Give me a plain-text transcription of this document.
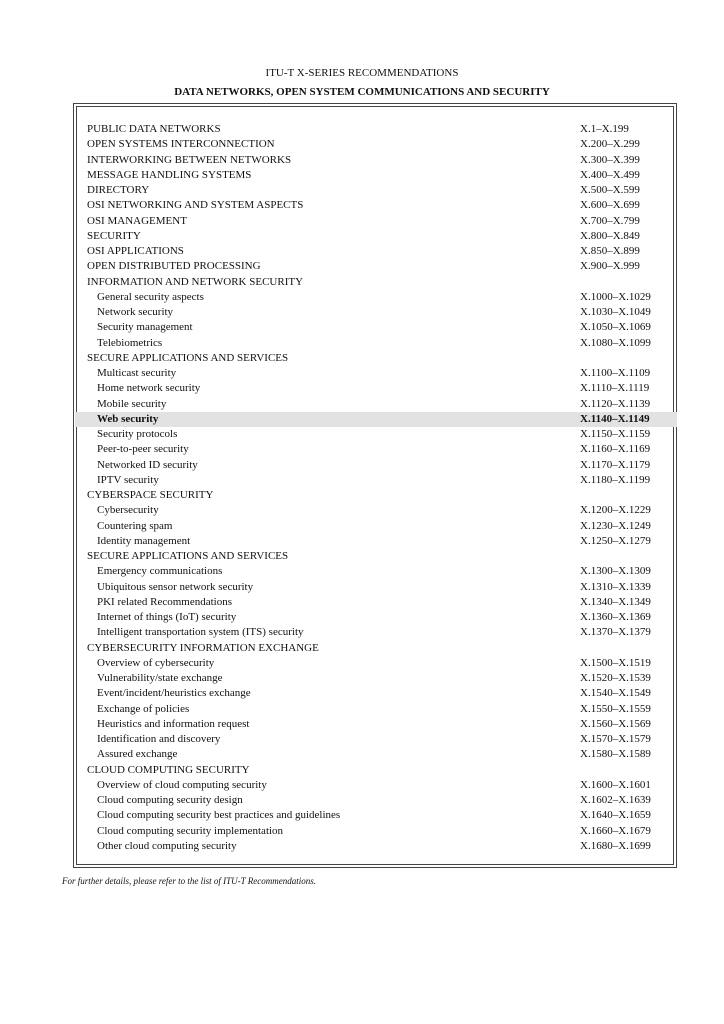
ITU-T X-SERIES RECOMMENDATIONS
DATA NETWORKS, OPEN SYSTEM COMMUNICATIONS AND SECURITY
PUBLIC DATA NETWORKS	X.1–X.199
OPEN SYSTEMS INTERCONNECTION	X.200–X.299
INTERWORKING BETWEEN NETWORKS	X.300–X.399
MESSAGE HANDLING SYSTEMS	X.400–X.499
DIRECTORY	X.500–X.599
OSI NETWORKING AND SYSTEM ASPECTS	X.600–X.699
OSI MANAGEMENT	X.700–X.799
SECURITY	X.800–X.849
OSI APPLICATIONS	X.850–X.899
OPEN DISTRIBUTED PROCESSING	X.900–X.999
INFORMATION AND NETWORK SECURITY
General security aspects	X.1000–X.1029
Network security	X.1030–X.1049
Security management	X.1050–X.1069
Telebiometrics	X.1080–X.1099
SECURE APPLICATIONS AND SERVICES
Multicast security	X.1100–X.1109
Home network security	X.1110–X.1119
Mobile security	X.1120–X.1139
Web security	X.1140–X.1149
Security protocols	X.1150–X.1159
Peer-to-peer security	X.1160–X.1169
Networked ID security	X.1170–X.1179
IPTV security	X.1180–X.1199
CYBERSPACE SECURITY
Cybersecurity	X.1200–X.1229
Countering spam	X.1230–X.1249
Identity management	X.1250–X.1279
SECURE APPLICATIONS AND SERVICES
Emergency communications	X.1300–X.1309
Ubiquitous sensor network security	X.1310–X.1339
PKI related Recommendations	X.1340–X.1349
Internet of things (IoT) security	X.1360–X.1369
Intelligent transportation system (ITS) security	X.1370–X.1379
CYBERSECURITY INFORMATION EXCHANGE
Overview of cybersecurity	X.1500–X.1519
Vulnerability/state exchange	X.1520–X.1539
Event/incident/heuristics exchange	X.1540–X.1549
Exchange of policies	X.1550–X.1559
Heuristics and information request	X.1560–X.1569
Identification and discovery	X.1570–X.1579
Assured exchange	X.1580–X.1589
CLOUD COMPUTING SECURITY
Overview of cloud computing security	X.1600–X.1601
Cloud computing security design	X.1602–X.1639
Cloud computing security best practices and guidelines	X.1640–X.1659
Cloud computing security implementation	X.1660–X.1679
Other cloud computing security	X.1680–X.1699
For further details, please refer to the list of ITU-T Recommendations.
